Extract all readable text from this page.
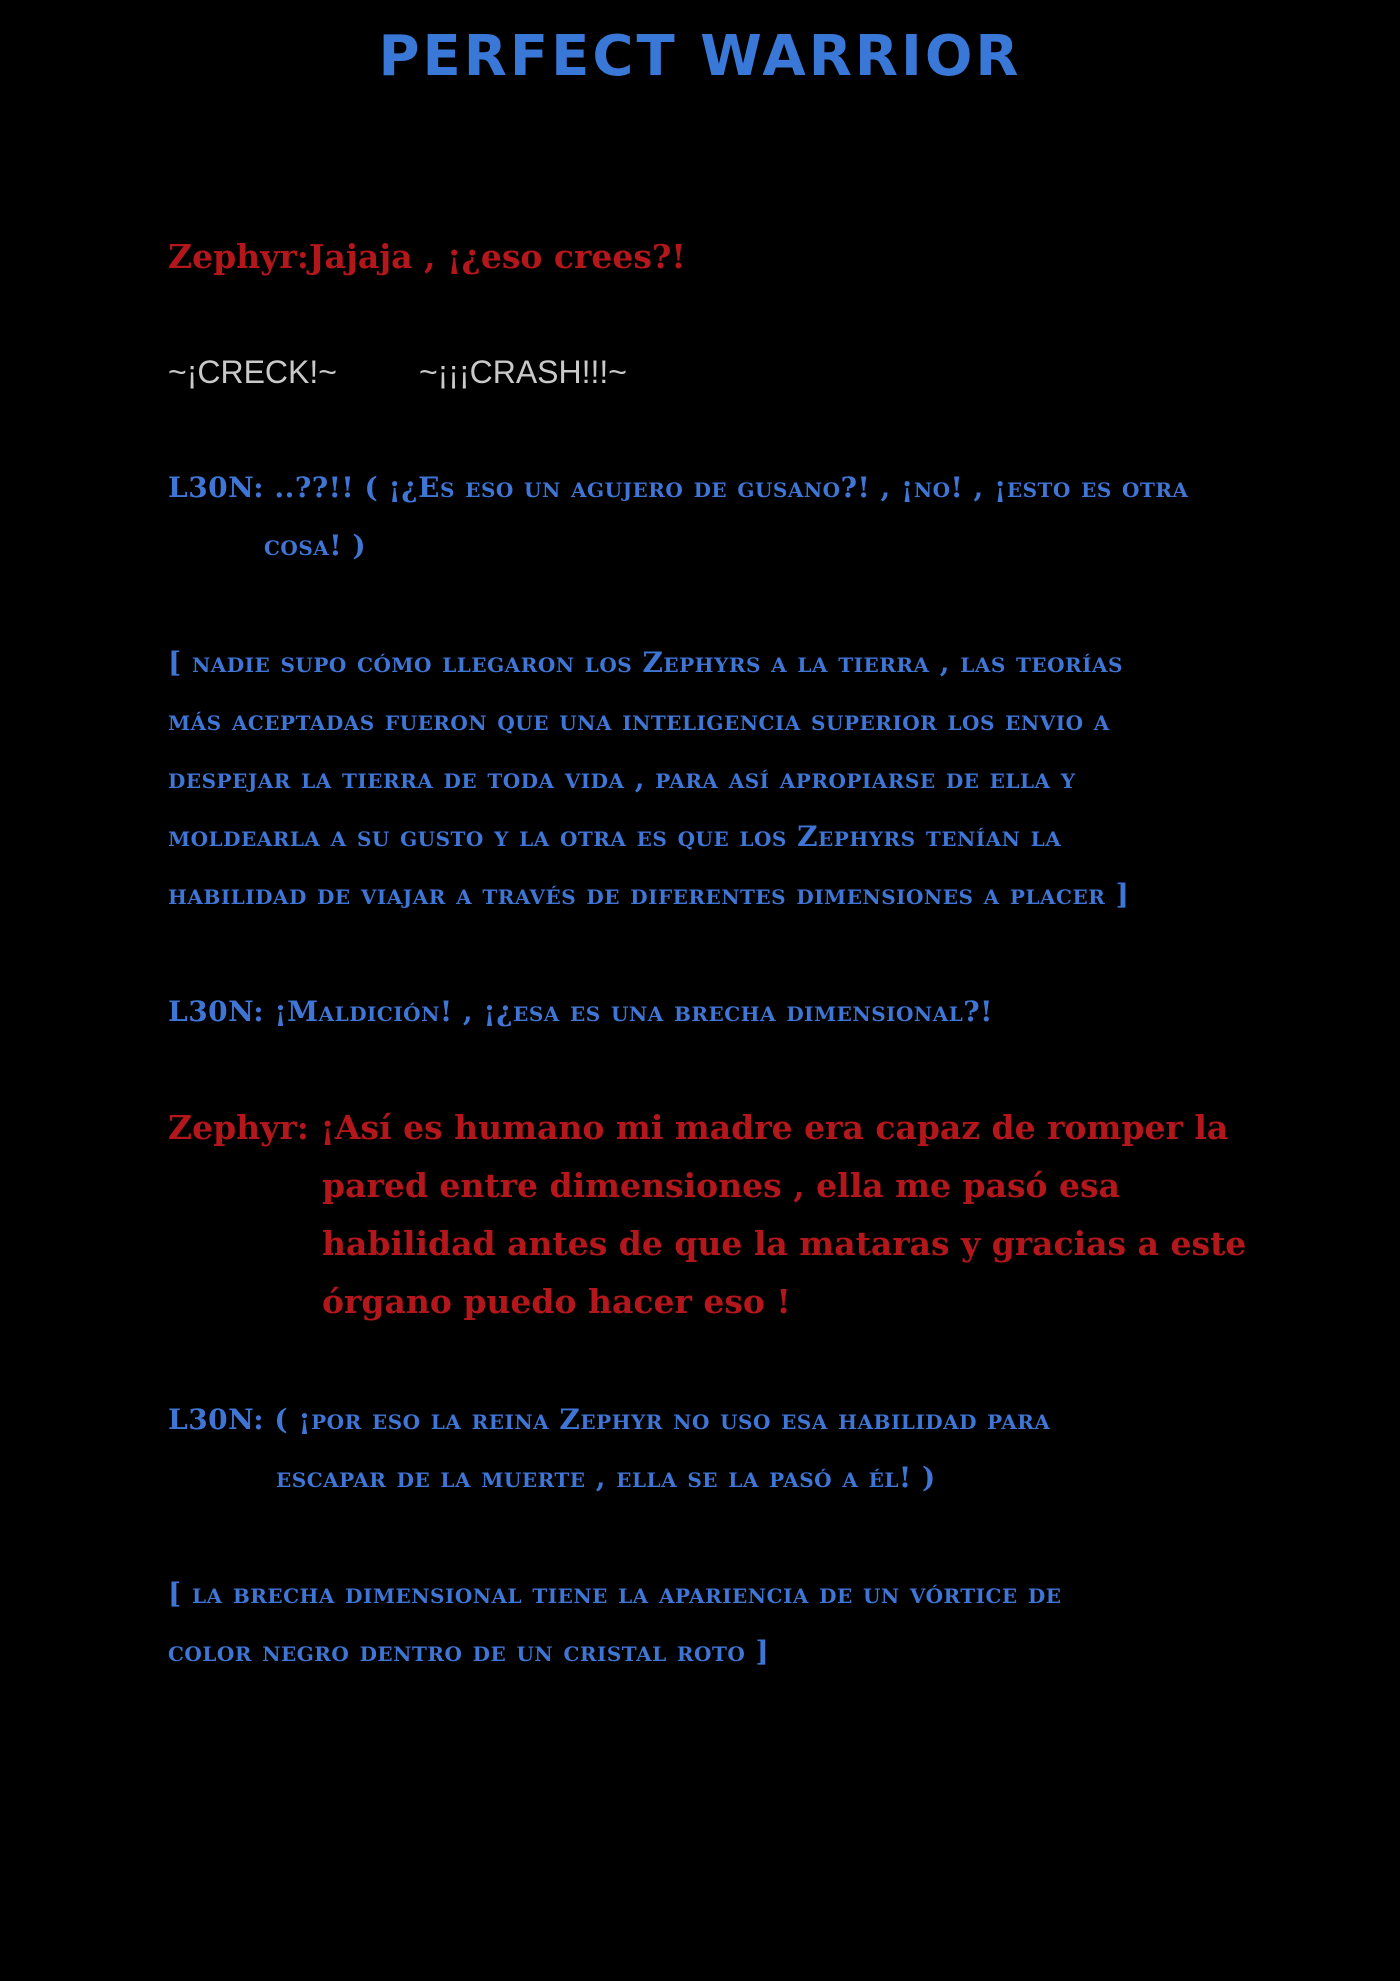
PERFECT WARRIOR
Zephyr:Jajaja , ¡¿eso crees?!
~¡CRECK!~	~¡¡¡CRASH!!!~
L30N: ..??!! ( ¡¿Es eso un agujero de gusano?! , ¡no! , ¡esto es otra
cosa! )
[ nadie supo cómo llegaron los Zephyrs a la tierra , las teorías
más aceptadas fueron que una inteligencia superior los envio a
despejar la tierra de toda vida , para así apropiarse de ella y
moldearla a su gusto y la otra es que los Zephyrs tenían la
habilidad de viajar a través de diferentes dimensiones a placer ]
L30N: ¡Maldición! , ¡¿esa es una brecha dimensional?!
Zephyr: ¡Así es humano mi madre era capaz de romper la
pared entre dimensiones , ella me pasó esa
habilidad antes de que la mataras y gracias a este
órgano puedo hacer eso !
L30N: ( ¡por eso la reina Zephyr no uso esa habilidad para
escapar de la muerte , ella se la pasó a él! )
[ la brecha dimensional tiene la apariencia de un vórtice de
color negro dentro de un cristal roto ]
